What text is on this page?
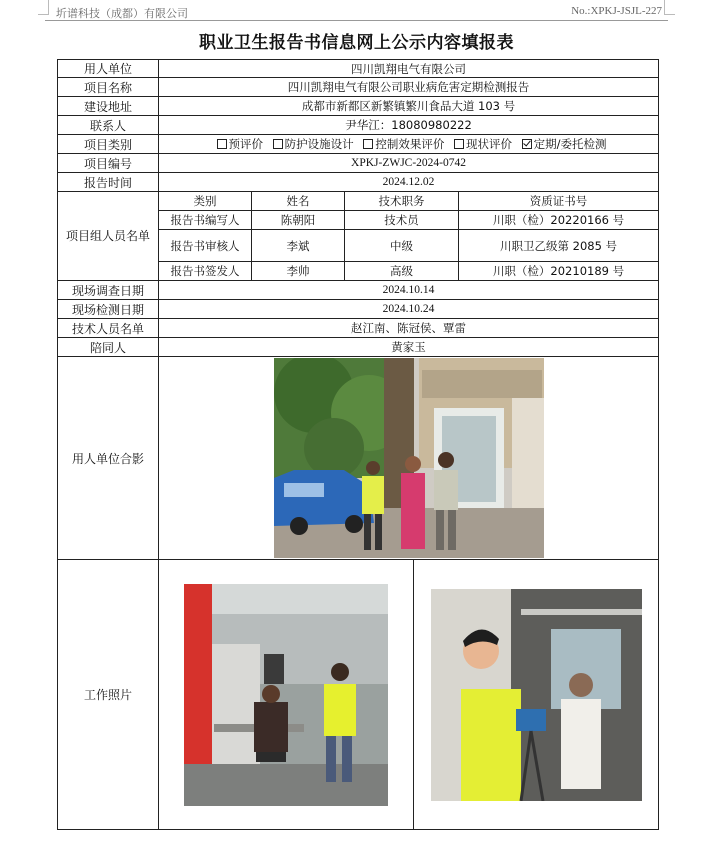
圻谱科技（成都）有限公司	No.:XPKJ-JSJL-227
职业卫生报告书信息网上公示内容填报表
用人单位	四川凯翔电气有限公司				
项目名称	四川凯翔电气有限公司职业病危害定期检测报告				
建设地址	成都市新都区新繁镇繁川食品大道 103 号				
联系人	尹华江：18080980222				
项目类别	预评价 防护设施设计 控制效果评价 现状评价 定期/委托检测				
项目编号	XPKJ-ZWJC-2024-0742				
报告时间	2024.12.02				
项目组人员名单	类别	姓名	技术职务		资质证书号
	报告书编写人	陈朝阳	技术员		川职（检）20220166 号
	报告书审核人	李斌	中级		川职卫乙级第 2085 号
	报告书签发人	李帅	高级		川职（检）20210189 号
现场调查日期	2024.10.14				
现场检测日期	2024.10.24				
技术人员名单	赵江南、陈冠侯、覃雷				
陪同人	黄家玉				
用人单位合影	

工作照片	
